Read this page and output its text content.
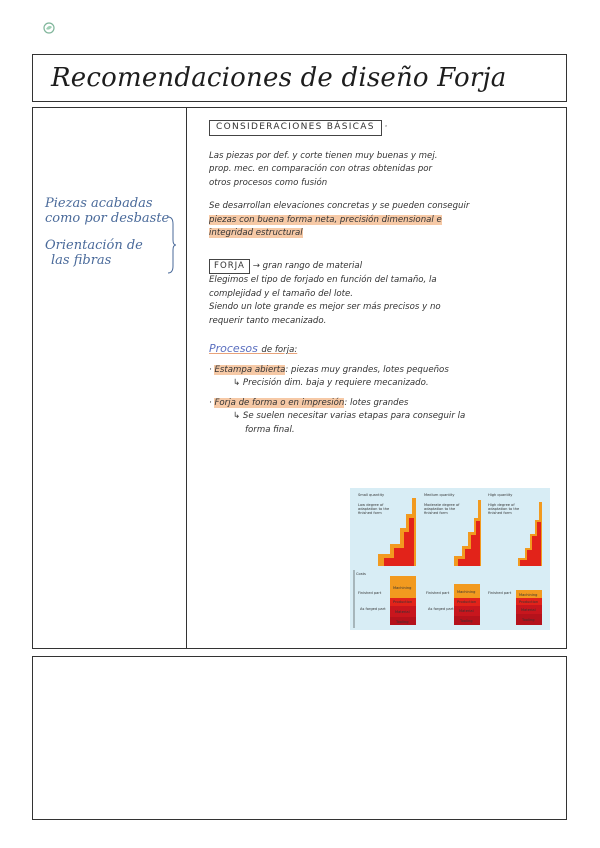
Recomendaciones de diseño Forja
Piezas acabadas
como por desbaste
Orientación de
las fibras
CONSIDERACIONES BÁSICAS ·
Las piezas por def. y corte tienen muy buenas y mej.
prop. mec. en comparación con otras obtenidas por
otros procesos como fusión
Se desarrollan elevaciones concretas y se pueden conseguir
piezas con buena forma neta, precisión dimensional e
integridad estructural
FORJA → gran rango de material
Elegimos el tipo de forjado en función del tamaño, la
complejidad y el tamaño del lote.
Siendo un lote grande es mejor ser más precisos y no
requerir tanto mecanizado.
Procesos de forja:
· Estampa abierta: piezas muy grandes, lotes pequeños
↳ Precisión dim. baja y requiere mecanizado.
· Forja de forma o en impresión: lotes grandes
↳ Se suelen necesitar varias etapas para conseguir la
forma final.
Small quantity
Low degree of
adaptation to the
finished form
Medium quantity
Moderate degree of
adaptation to the
finished form
High quantity
High degree of
adaptation to the
finished form
Costs
Finished part
As forged part
Machining
Production
Material
Tooling
Finished part
As forged part
Machining
Production
Material
Tooling
Finished part Machining
Production
Material
Tooling
